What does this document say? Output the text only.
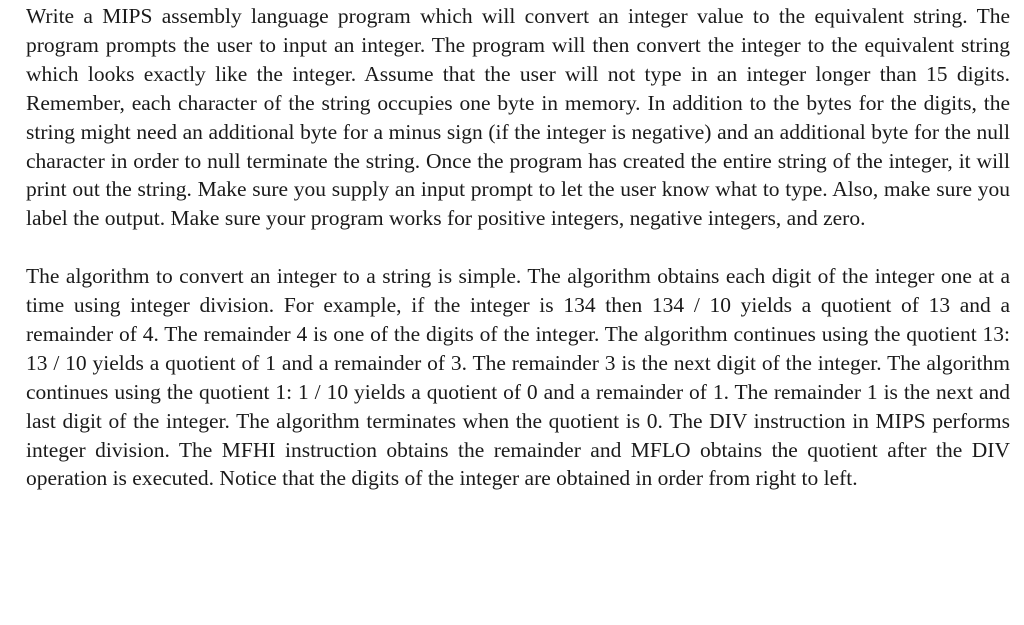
Write a MIPS assembly language program which will convert an integer value to the equivalent string. The program prompts the user to input an integer. The program will then convert the integer to the equivalent string which looks exactly like the integer. Assume that the user will not type in an integer longer than 15 digits. Remember, each character of the string occupies one byte in memory. In addition to the bytes for the digits, the string might need an additional byte for a minus sign (if the integer is negative) and an additional byte for the null character in order to null terminate the string. Once the program has created the entire string of the integer, it will print out the string. Make sure you supply an input prompt to let the user know what to type. Also, make sure you label the output. Make sure your program works for positive integers, negative integers, and zero.

The algorithm to convert an integer to a string is simple. The algorithm obtains each digit of the integer one at a time using integer division. For example, if the integer is 134 then 134 / 10 yields a quotient of 13 and a remainder of 4. The remainder 4 is one of the digits of the integer. The algorithm continues using the quotient 13: 13 / 10 yields a quotient of 1 and a remainder of 3. The remainder 3 is the next digit of the integer. The algorithm continues using the quotient 1: 1 / 10 yields a quotient of 0 and a remainder of 1. The remainder 1 is the next and last digit of the integer. The algorithm terminates when the quotient is 0. The DIV instruction in MIPS performs integer division. The MFHI instruction obtains the remainder and MFLO obtains the quotient after the DIV operation is executed. Notice that the digits of the integer are obtained in order from right to left.
